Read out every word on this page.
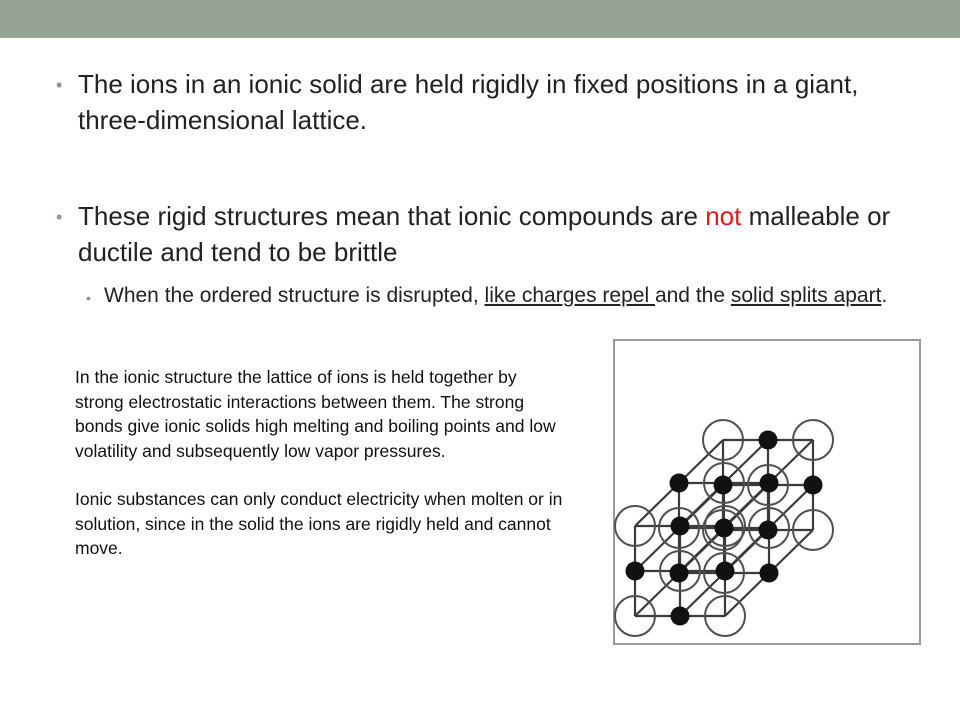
• The ions in an ionic solid are held rigidly in fixed positions in a giant, three-dimensional lattice.
• These rigid structures mean that ionic compounds are not malleable or ductile and tend to be brittle
• When the ordered structure is disrupted, like charges repel and the solid splits apart.

In the ionic structure the lattice of ions is held together by strong electrostatic interactions between them. The strong bonds give ionic solids high melting and boiling points and low volatility and subsequently low vapor pressures.

Ionic substances can only conduct electricity when molten or in solution, since in the solid the ions are rigidly held and cannot move.
